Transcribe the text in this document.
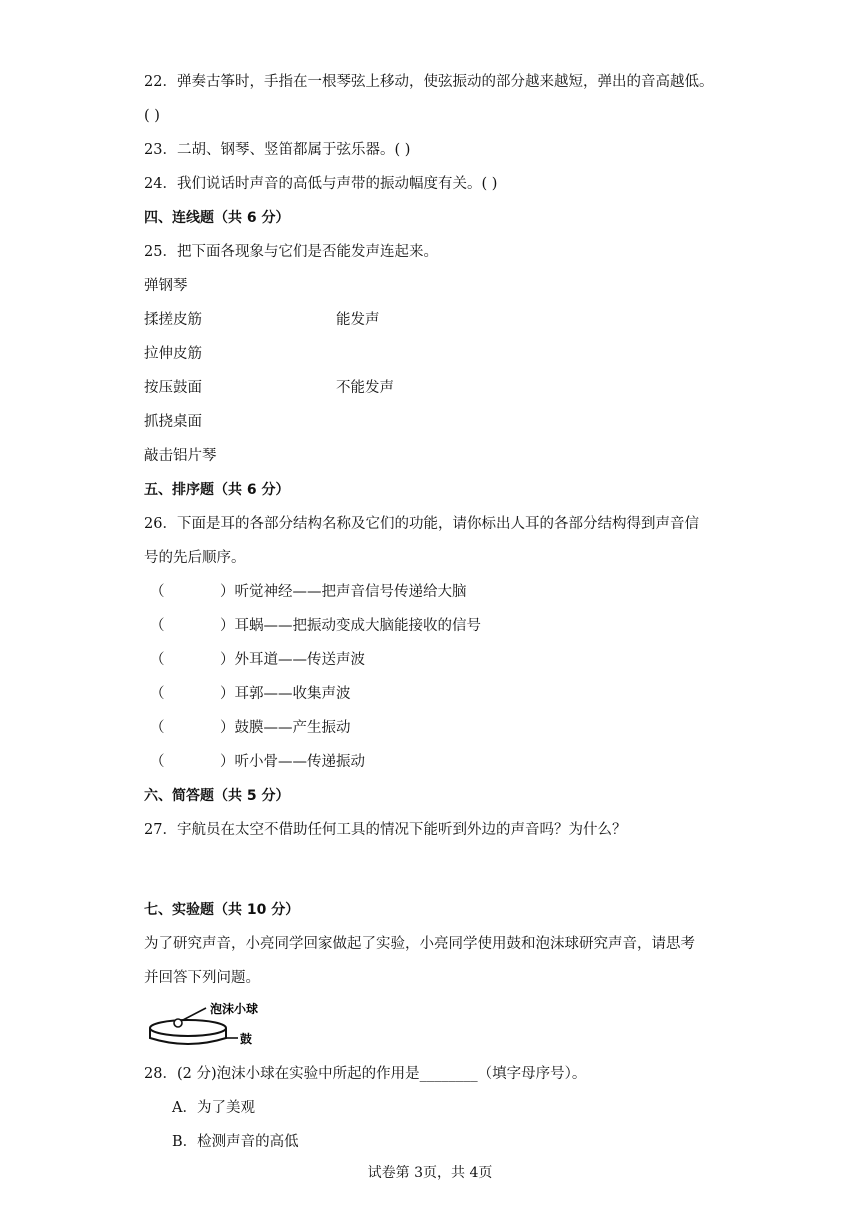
22．弹奏古筝时，手指在一根琴弦上移动，使弦振动的部分越来越短，弹出的音高越低。
( )
23．二胡、钢琴、竖笛都属于弦乐器。( )
24．我们说话时声音的高低与声带的振动幅度有关。( )
四、连线题（共 6 分）
25．把下面各现象与它们是否能发声连起来。
弹钢琴
揉搓皮筋	能发声
拉伸皮筋
按压鼓面	不能发声
抓挠桌面
敲击铝片琴
五、排序题（共 6 分）
26．下面是耳的各部分结构名称及它们的功能，请你标出人耳的各部分结构得到声音信
号的先后顺序。
（	）听觉神经——把声音信号传递给大脑
（	）耳蜗——把振动变成大脑能接收的信号
（	）外耳道——传送声波
（	）耳郭——收集声波
（	）鼓膜——产生振动
（	）听小骨——传递振动
六、简答题（共 5 分）
27．宇航员在太空不借助任何工具的情况下能听到外边的声音吗？为什么？
七、实验题（共 10 分）
为了研究声音，小亮同学回家做起了实验，小亮同学使用鼓和泡沫球研究声音，请思考
并回答下列问题。
泡沫小球
鼓
28．(2 分)泡沫小球在实验中所起的作用是________（填字母序号）。
A．为了美观
B．检测声音的高低
试卷第 3页，共 4页
